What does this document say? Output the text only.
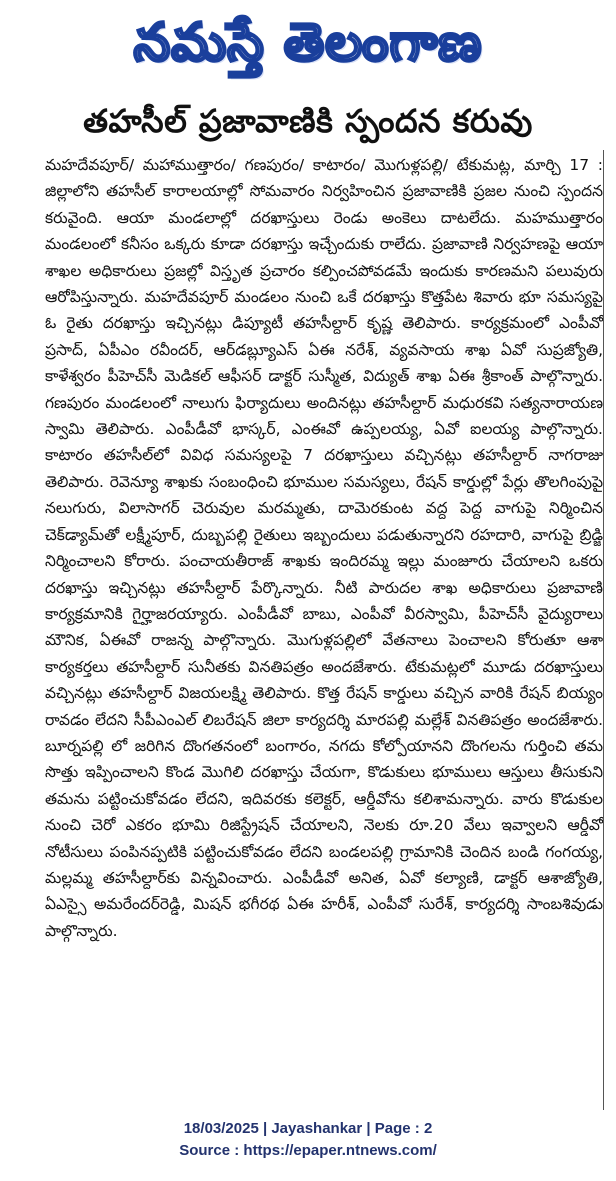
నమస్తే తెలంగాణ
తహసీల్ ప్రజావాణికి స్పందన కరువు

మహదేవపూర్/ మహాముత్తారం/ గణపురం/ కాటారం/ మొగుళ్లపల్లి/ టేకుమట్ల, మార్చి 17 : జిల్లాలోని తహసీల్ కారాలయాల్లో సోమవారం నిర్వహించిన ప్రజావాణికి ప్రజల నుంచి స్పందన కరువైంది. ఆయా మండలాల్లో దరఖాస్తులు రెండు అంకెలు దాటలేదు. మహముత్తారం మండలంలో కనీసం ఒక్కరు కూడా దరఖాస్తు ఇచ్చేందుకు రాలేదు. ప్రజావాణి నిర్వహణపై ఆయా శాఖల అధికారులు ప్రజల్లో విస్తృత ప్రచారం కల్పించపోవడమే ఇందుకు కారణమని పలువురు ఆరోపిస్తున్నారు. మహదేవపూర్ మండలం నుంచి ఒకే దరఖాస్తు కొత్తపేట శివారు భూ సమస్యపై ఓ రైతు దరఖాస్తు ఇచ్చినట్లు డిప్యూటీ తహసీల్దార్ కృష్ణ తెలిపారు. కార్యక్రమంలో ఎంపీవో ప్రసాద్, ఏపీఎం రవీందర్, ఆర్‌డబ్ల్యూఎస్ ఏఈ నరేశ్, వ్యవసాయ శాఖ ఏవో సుప్రజ్యోతి, కాళేశ్వరం పీహెచ్‌సీ మెడికల్ ఆఫీసర్ డాక్టర్ సుస్మీత, విద్యుత్ శాఖ ఏఈ శ్రీకాంత్ పాల్గొన్నారు. గణపురం మండలంలో నాలుగు ఫిర్యాదులు అందినట్లు తహసీల్దార్ మధురకవి సత్యనారాయణ స్వామి తెలిపారు. ఎంపీడీవో భాస్కర్, ఎంఈవో ఉప్పలయ్య, ఏవో ఐలయ్య పాల్గొన్నారు. కాటారం తహసీల్‌లో వివిధ సమస్యలపై 7 దరఖాస్తులు వచ్చినట్లు తహసీల్దార్ నాగరాజు తెలిపారు. రెవెన్యూ శాఖకు సంబంధించి భూముల సమస్యలు, రేషన్ కార్డుల్లో పేర్లు తొలగింపుపై నలుగురు, విలాసాగర్ చెరువుల మరమ్మతు, దామెరకుంట వద్ద పెద్ద వాగుపై నిర్మించిన చెక్‌డ్యామ్‌తో లక్ష్మీపూర్, దుబ్బపల్లి రైతులు ఇబ్బందులు పడుతున్నారని రహదారి, వాగుపై బ్రిడ్జి నిర్మించాలని కోరారు. పంచాయతీరాజ్ శాఖకు ఇందిరమ్మ ఇల్లు మంజూరు చేయాలని ఒకరు దరఖాస్తు ఇచ్చినట్లు తహసీల్దార్ పేర్కొన్నారు. నీటి పారుదల శాఖ అధికారులు ప్రజావాణి కార్యక్రమానికి గైర్హాజరయ్యారు. ఎంపీడీవో బాబు, ఎంపీవో వీరస్వామి, పీహెచ్‌సీ వైద్యురాలు మౌనిక, ఏఈవో రాజన్న పాల్గొన్నారు. మొగుళ్లపల్లిలో వేతనాలు పెంచాలని కోరుతూ ఆశా కార్యకర్తలు తహసీల్దార్ సునీతకు వినతిపత్రం అందజేశారు. టేకుమట్లలో మూడు దరఖాస్తులు వచ్చినట్లు తహసీల్దార్ విజయలక్ష్మి తెలిపారు. కొత్త రేషన్ కార్డులు వచ్చిన వారికి రేషన్ బియ్యం రావడం లేదని సీపీఎంఎల్ లిబరేషన్ జిలా కార్యదర్శి మారపల్లి మల్లేశ్ వినతిపత్రం అందజేశారు. బూర్నపల్లి లో జరిగిన దొంగతనంలో బంగారం, నగదు కోల్పోయానని దొంగలను గుర్తించి తమ సొత్తు ఇప్పించాలని కొండ మొగిలి దరఖాస్తు చేయగా, కొడుకులు భూములు ఆస్తులు తీసుకుని తమను పట్టించుకోవడం లేదని, ఇదివరకు కలెక్టర్, ఆర్డీవోను కలిశామన్నారు. వారు కొడుకుల నుంచి చెరో ఎకరం భూమి రిజిస్ట్రేషన్ చేయాలని, నెలకు రూ.20 వేలు ఇవ్వాలని ఆర్డీవో నోటీసులు పంపినప్పటికి పట్టించుకోవడం లేదని బండలపల్లి గ్రామానికి చెందిన బండి గంగయ్య, మల్లమ్మ తహసీల్దార్‌కు విన్నవించారు. ఎంపీడీవో అనిత, ఏవో కల్యాణి, డాక్టర్ ఆశాజ్యోతి, ఏఎస్సై అమరేందర్‌రెడ్డి, మిషన్ భగీరథ ఏఈ హరీశ్, ఎంపీవో సురేశ్, కార్యదర్శి సాంబశివుడు పాల్గొన్నారు.

18/03/2025 | Jayashankar | Page : 2
Source : https://epaper.ntnews.com/
